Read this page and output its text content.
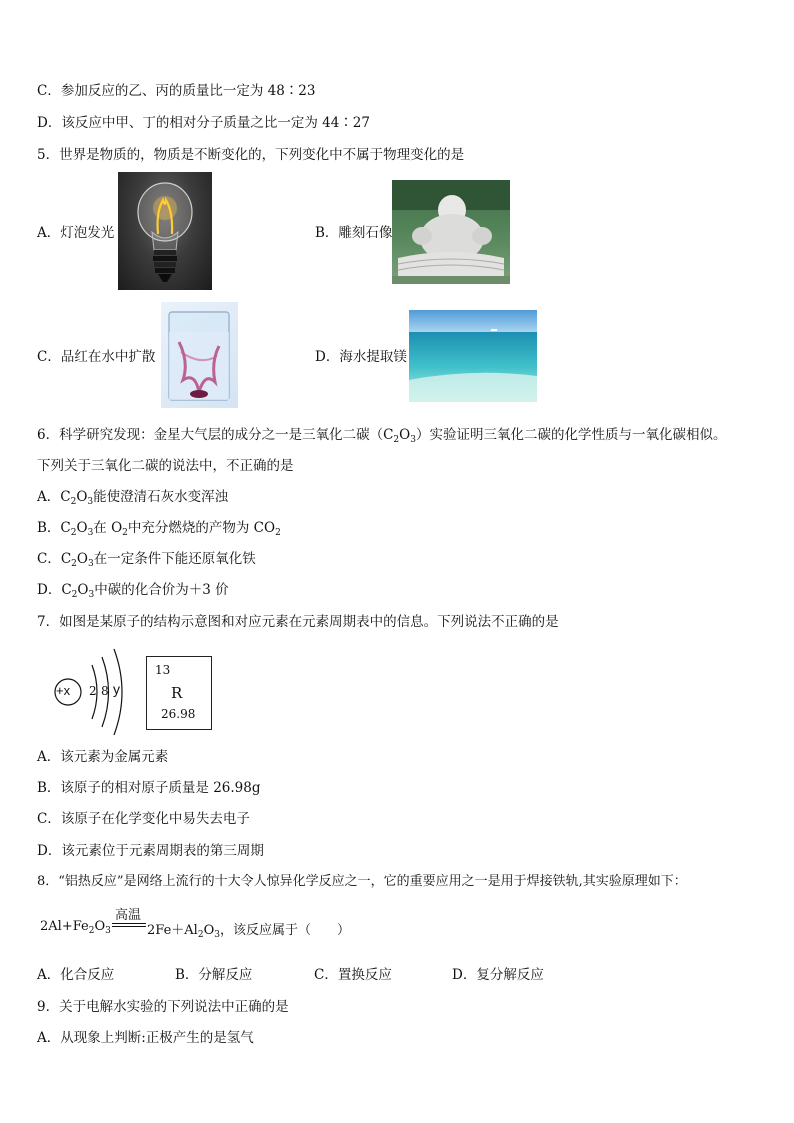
C．参加反应的乙、丙的质量比一定为 48∶23
D．该反应中甲、丁的相对分子质量之比一定为 44∶27
5．世界是物质的，物质是不断变化的，下列变化中不属于物理变化的是
A．灯泡发光	B．雕刻石像
C．品红在水中扩散	D．海水提取镁
6．科学研究发现：金星大气层的成分之一是三氧化二碳$(C_2O_3)$实验证明三氧化二碳的化学性质与一氧化碳相似。
下列关于三氧化二碳的说法中，不正确的是
A．$C_2O_3$能使澄清石灰水变浑浊
B．$C_2O_3$在 $O_2$中充分燃烧的产物为 $CO_2$
C．$C_2O_3$在一定条件下能还原氧化铁
D．$C_2O_3$中碳的化合价为＋3 价
7．如图是某原子的结构示意图和对应元素在元素周期表中的信息。下列说法不正确的是
+x 2 8 y
13
R
26.98
A．该元素为金属元素
B．该原子的相对原子质量是 26.98g
C．该原子在化学变化中易失去电子
D．该元素位于元素周期表的第三周期
8．“铝热反应”是网络上流行的十大令人惊异化学反应之一，它的重要应用之一是用于焊接铁轨,其实验原理如下：
$2Al+Fe_2O_3$
高温
$2Fe+Al_2O_3$，该反应属于（　　）
A．化合反应	B．分解反应	C．置换反应	D．复分解反应
9．关于电解水实验的下列说法中正确的是
A．从现象上判断:正极产生的是氢气
